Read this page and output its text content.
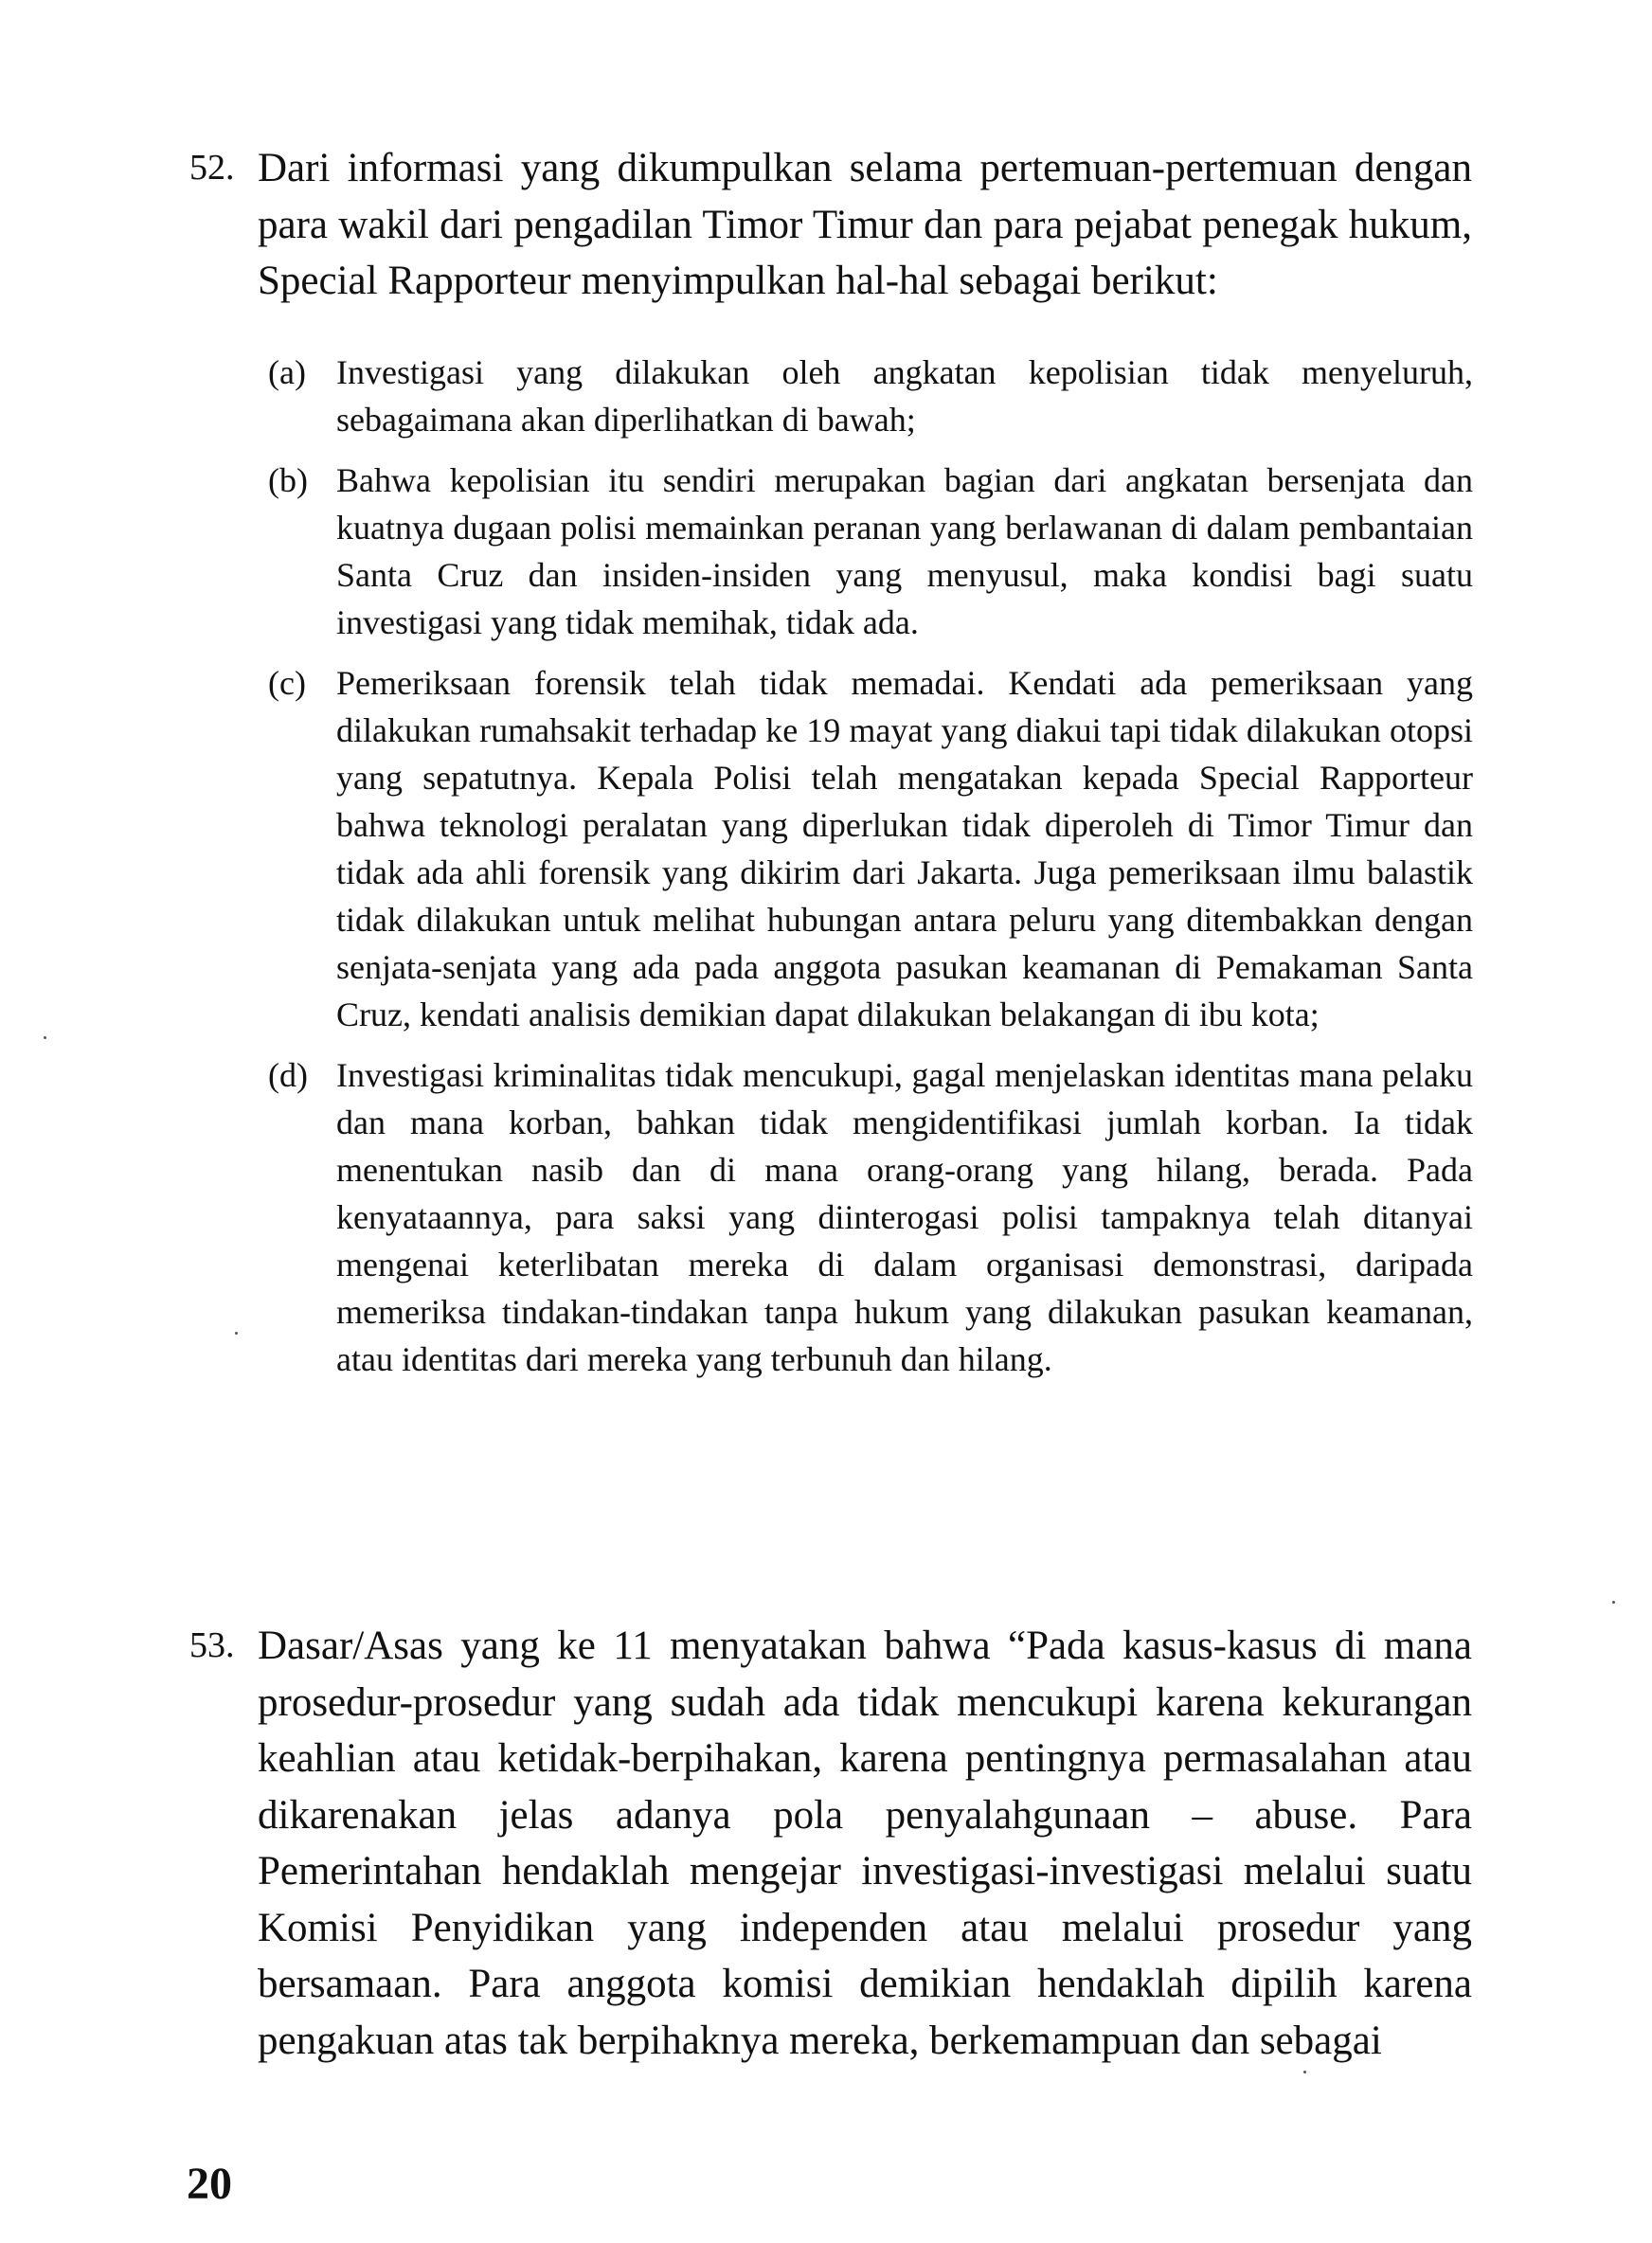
52. Dari informasi yang dikumpulkan selama pertemuan-pertemuan dengan para wakil dari pengadilan Timor Timur dan para pejabat penegak hukum, Special Rapporteur menyimpulkan hal-hal sebagai berikut:
(a) Investigasi yang dilakukan oleh angkatan kepolisian tidak menyeluruh, sebagaimana akan diperlihatkan di bawah;
(b) Bahwa kepolisian itu sendiri merupakan bagian dari angkatan bersenjata dan kuatnya dugaan polisi memainkan peranan yang berlawanan di dalam pembantaian Santa Cruz dan insiden-insiden yang menyusul, maka kondisi bagi suatu investigasi yang tidak memihak, tidak ada.
(c) Pemeriksaan forensik telah tidak memadai. Kendati ada pemeriksaan yang dilakukan rumahsakit terhadap ke 19 mayat yang diakui tapi tidak dilakukan otopsi yang sepatutnya. Kepala Polisi telah mengatakan kepada Special Rapporteur bahwa teknologi peralatan yang diperlukan tidak diperoleh di Timor Timur dan tidak ada ahli forensik yang dikirim dari Jakarta. Juga pemeriksaan ilmu balastik tidak dilakukan untuk melihat hubungan antara peluru yang ditembakkan dengan senjata-senjata yang ada pada anggota pasukan keamanan di Pemakaman Santa Cruz, kendati analisis demikian dapat dilakukan belakangan di ibu kota;
(d) Investigasi kriminalitas tidak mencukupi, gagal menjelaskan identitas mana pelaku dan mana korban, bahkan tidak mengidentifikasi jumlah korban. Ia tidak menentukan nasib dan di mana orang-orang yang hilang, berada. Pada kenyataannya, para saksi yang diinterogasi polisi tampaknya telah ditanyai mengenai keterlibatan mereka di dalam organisasi demonstrasi, daripada memeriksa tindakan-tindakan tanpa hukum yang dilakukan pasukan keamanan, atau identitas dari mereka yang terbunuh dan hilang.
53. Dasar/Asas yang ke 11 menyatakan bahwa “Pada kasus-kasus di mana prosedur-prosedur yang sudah ada tidak mencukupi karena kekurangan keahlian atau ketidak-berpihakan, karena pentingnya permasalahan atau dikarenakan jelas adanya pola penyalahgunaan – abuse. Para Pemerintahan hendaklah mengejar investigasi-investigasi melalui suatu Komisi Penyidikan yang independen atau melalui prosedur yang bersamaan. Para anggota komisi demikian hendaklah dipilih karena pengakuan atas tak berpihaknya mereka, berkemampuan dan sebagai
20
